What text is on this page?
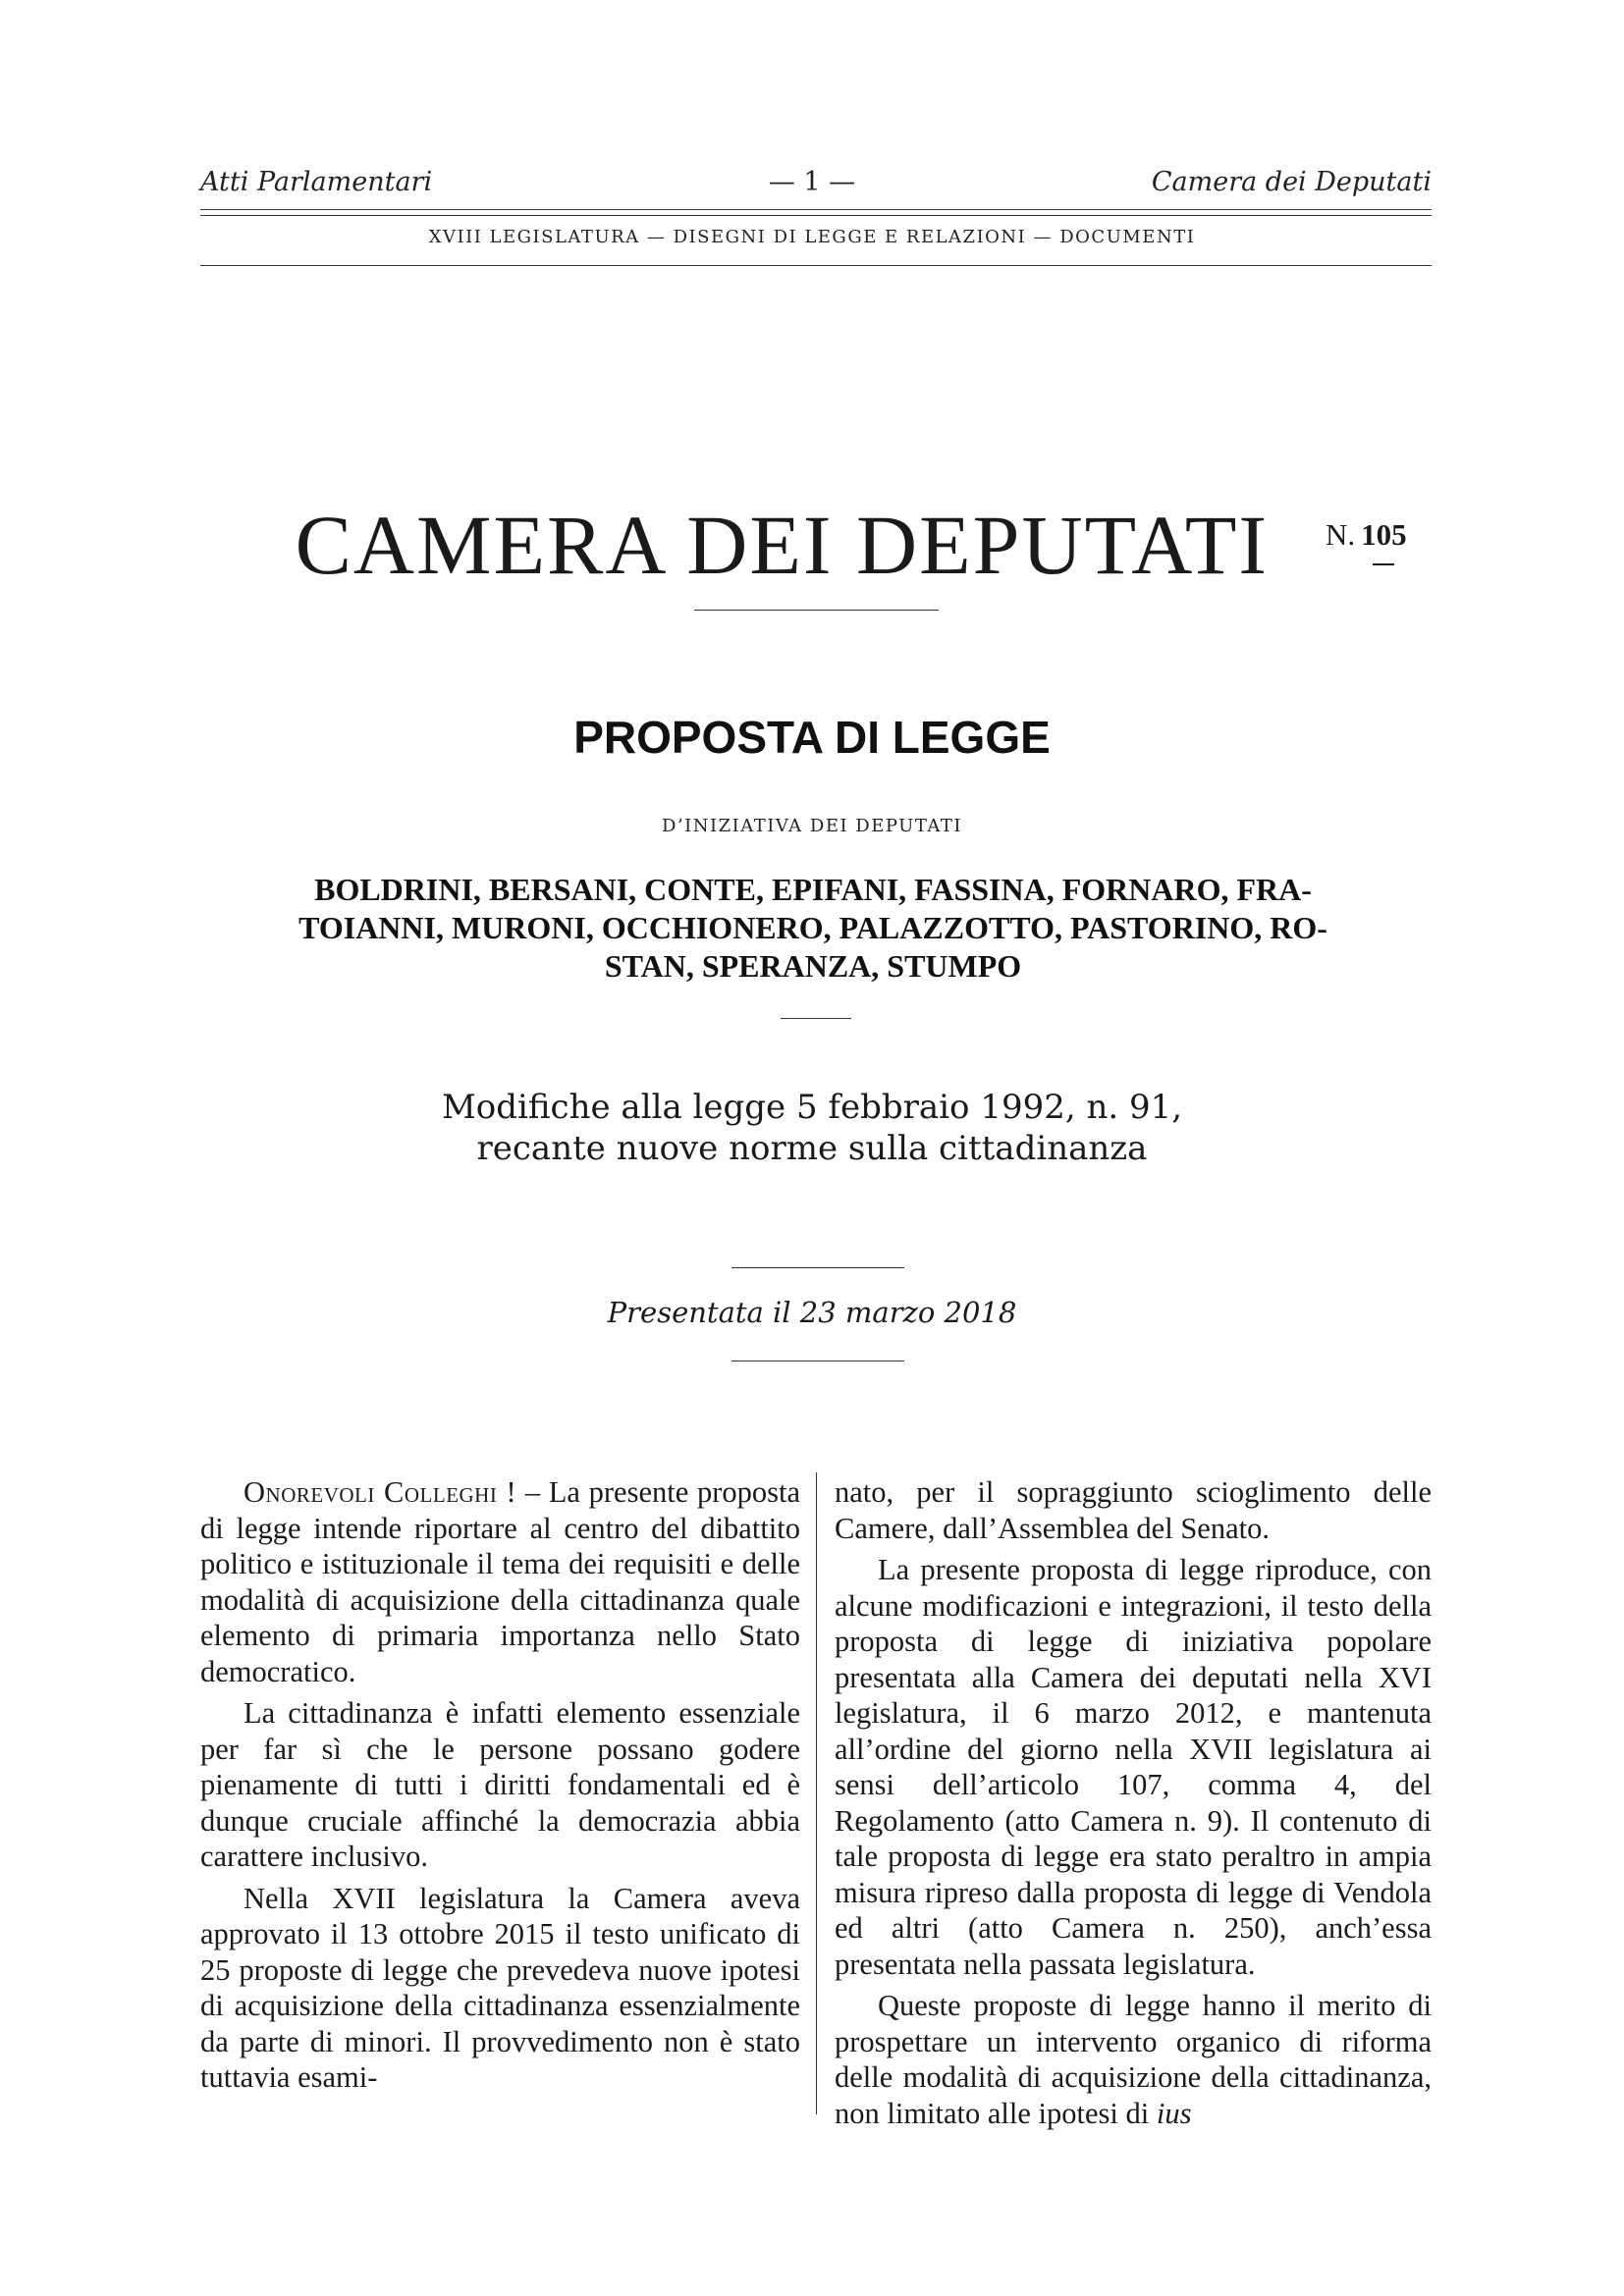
Atti Parlamentari	— 1 —	Camera dei Deputati
XVIII LEGISLATURA — DISEGNI DI LEGGE E RELAZIONI — DOCUMENTI
CAMERA DEI DEPUTATI N. 105
PROPOSTA DI LEGGE
D’INIZIATIVA DEI DEPUTATI
BOLDRINI, BERSANI, CONTE, EPIFANI, FASSINA, FORNARO, FRA-
TOIANNI, MURONI, OCCHIONERO, PALAZZOTTO, PASTORINO, RO-
STAN, SPERANZA, STUMPO
Modifiche alla legge 5 febbraio 1992, n. 91,
recante nuove norme sulla cittadinanza
Presentata il 23 marzo 2018

Onorevoli Colleghi ! – La presente proposta di legge intende riportare al centro del dibattito politico e istituzionale il tema dei requisiti e delle modalità di acquisizione della cittadinanza quale elemento di primaria importanza nello Stato democratico.

La cittadinanza è infatti elemento essenziale per far sì che le persone possano godere pienamente di tutti i diritti fondamentali ed è dunque cruciale affinché la democrazia abbia carattere inclusivo.

Nella XVII legislatura la Camera aveva approvato il 13 ottobre 2015 il testo unificato di 25 proposte di legge che prevedeva nuove ipotesi di acquisizione della cittadinanza essenzialmente da parte di minori. Il provvedimento non è stato tuttavia esami-

nato, per il sopraggiunto scioglimento delle Camere, dall’Assemblea del Senato.

La presente proposta di legge riproduce, con alcune modificazioni e integrazioni, il testo della proposta di legge di iniziativa popolare presentata alla Camera dei deputati nella XVI legislatura, il 6 marzo 2012, e mantenuta all’ordine del giorno nella XVII legislatura ai sensi dell’articolo 107, comma 4, del Regolamento (atto Camera n. 9). Il contenuto di tale proposta di legge era stato peraltro in ampia misura ripreso dalla proposta di legge di Vendola ed altri (atto Camera n. 250), anch’essa presentata nella passata legislatura.

Queste proposte di legge hanno il merito di prospettare un intervento organico di riforma delle modalità di acquisizione della cittadinanza, non limitato alle ipotesi di ius
